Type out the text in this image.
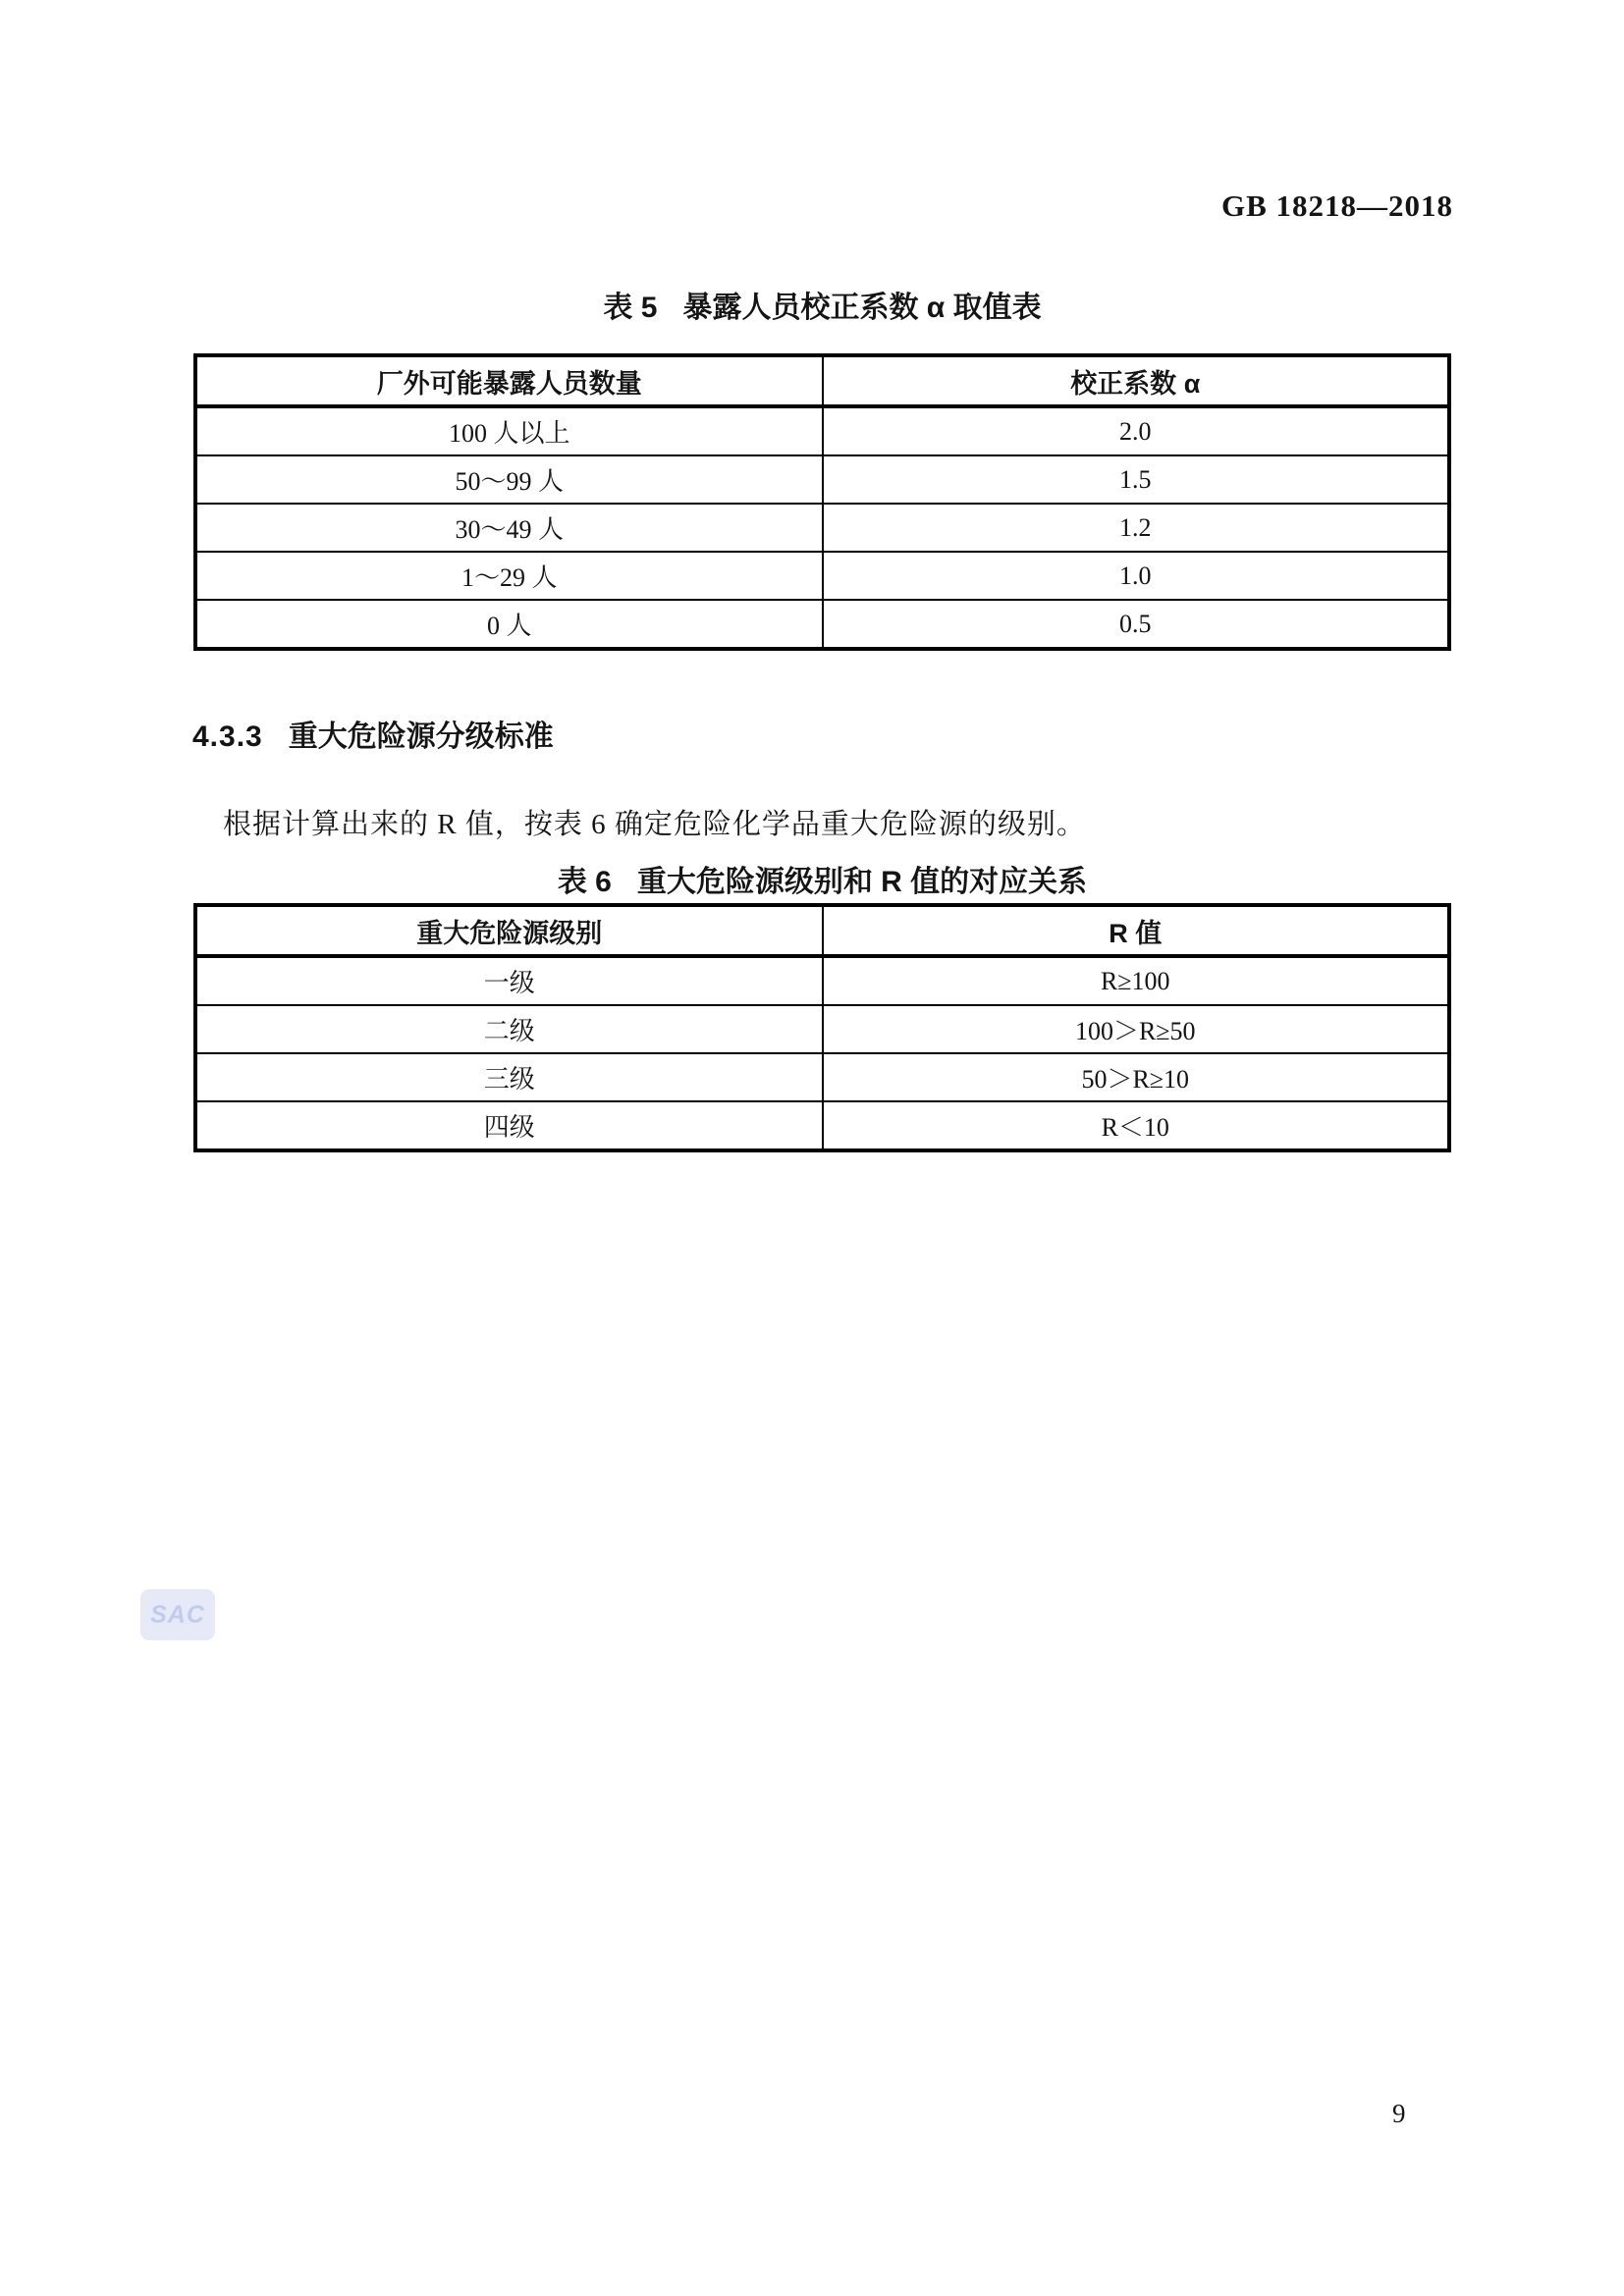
GB 18218—2018
表 5 暴露人员校正系数 α 取值表
厂外可能暴露人员数量	校正系数 α
100 人以上	2.0
50～99 人	1.5
30～49 人	1.2
1～29 人	1.0
0 人	0.5
4.3.3 重大危险源分级标准

根据计算出来的 R 值，按表 6 确定危险化学品重大危险源的级别。

表 6 重大危险源级别和 R 值的对应关系
重大危险源级别	R 值
一级	R≥100
二级	100＞R≥50
三级	50＞R≥10
四级	R＜10
SAC
9
